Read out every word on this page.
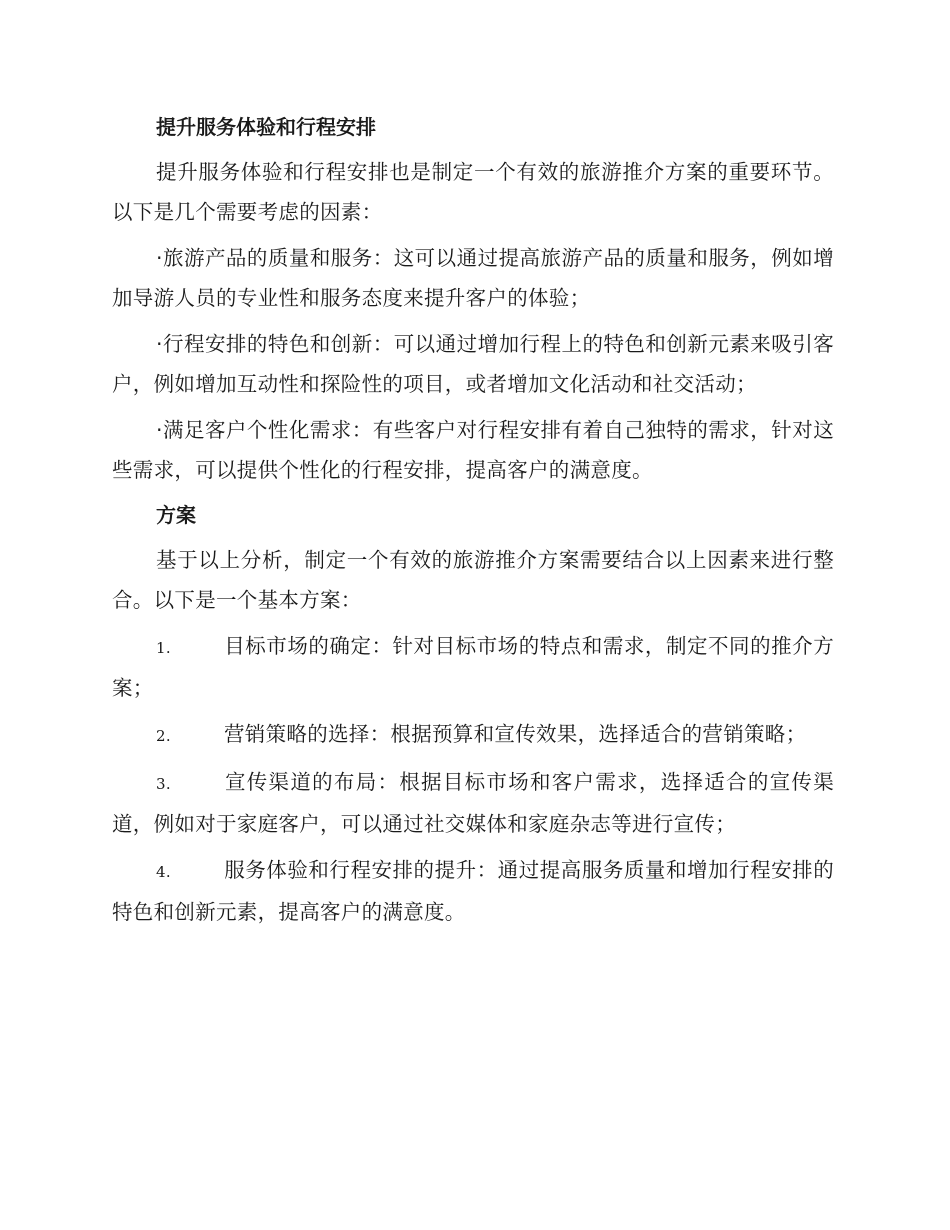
提升服务体验和行程安排

提升服务体验和行程安排也是制定一个有效的旅游推介方案的重要环节。以下是几个需要考虑的因素：

·旅游产品的质量和服务：这可以通过提高旅游产品的质量和服务，例如增加导游人员的专业性和服务态度来提升客户的体验；

·行程安排的特色和创新：可以通过增加行程上的特色和创新元素来吸引客户，例如增加互动性和探险性的项目，或者增加文化活动和社交活动；

·满足客户个性化需求：有些客户对行程安排有着自己独特的需求，针对这些需求，可以提供个性化的行程安排，提高客户的满意度。

方案

基于以上分析，制定一个有效的旅游推介方案需要结合以上因素来进行整合。以下是一个基本方案：

1.	目标市场的确定：针对目标市场的特点和需求，制定不同的推介方案；

2.	营销策略的选择：根据预算和宣传效果，选择适合的营销策略；

3.	宣传渠道的布局：根据目标市场和客户需求，选择适合的宣传渠道，例如对于家庭客户，可以通过社交媒体和家庭杂志等进行宣传；

4.	服务体验和行程安排的提升：通过提高服务质量和增加行程安排的特色和创新元素，提高客户的满意度。
